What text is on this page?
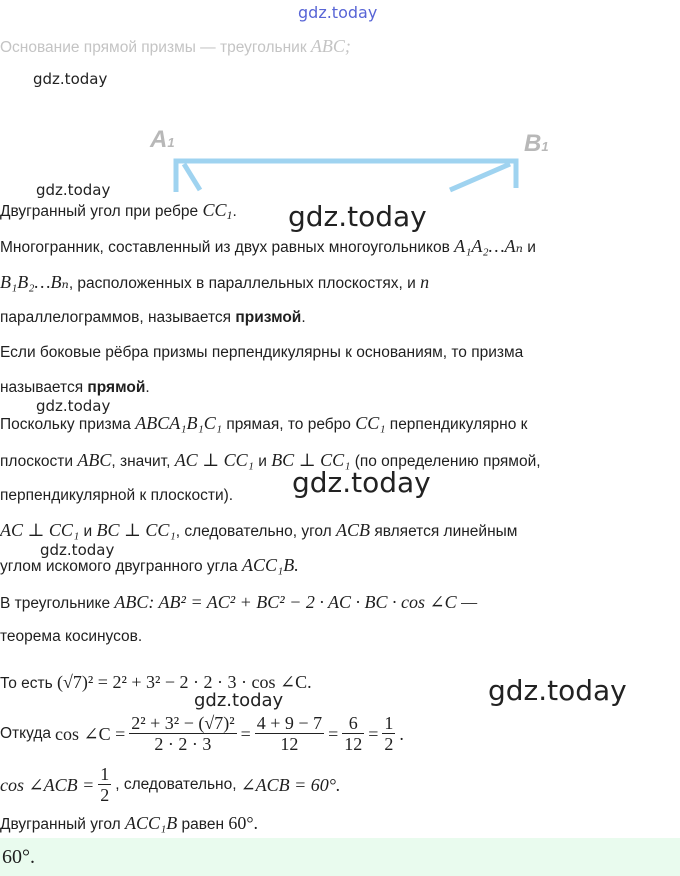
gdz.today
Основание прямой призмы — треугольник ABC;
gdz.today
A1	B1
gdz.today
Двугранный угол при ребре $CC_1$. gdz.today
Многогранник, составленный из двух равных многоугольников A₁A₂…Aₙ и
B₁B₂…Bₙ, расположенных в параллельных плоскостях, и n
параллелограммов, называется призмой.
Если боковые рёбра призмы перпендикулярны к основаниям, то призма
называется прямой.
gdz.today
Поскольку призма ABCA₁B₁C₁ прямая, то ребро CC₁ перпендикулярно к
плоскости ABC, значит, AC ⊥ CC₁ и BC ⊥ CC₁ (по определению прямой,
перпендикулярной к плоскости). gdz.today
AC ⊥ CC₁ и BC ⊥ CC₁, следовательно, угол ACB является линейным
gdz.today
углом искомого двугранного угла ACC₁B.
В треугольнике ABC: AB² = AC² + BC² − 2 · AC · BC · cos ∠C —
теорема косинусов.
То есть (√7)² = 2² + 3² − 2 · 2 · 3 · cos ∠C.	gdz.today
gdz.today
Откуда cos ∠C = $\frac{\text{2² + 3² − (√7)²}}{2 \cdot 2 \cdot 3} = \frac{4 + 9 - 7}{12} = \frac{6}{12} = \frac{1}{2}$ .
cos ∠ACB = $\frac{1}{2}$ , следовательно, ∠ACB = 60°.
Двугранный угол ACC₁B равен 60°.
60°.
